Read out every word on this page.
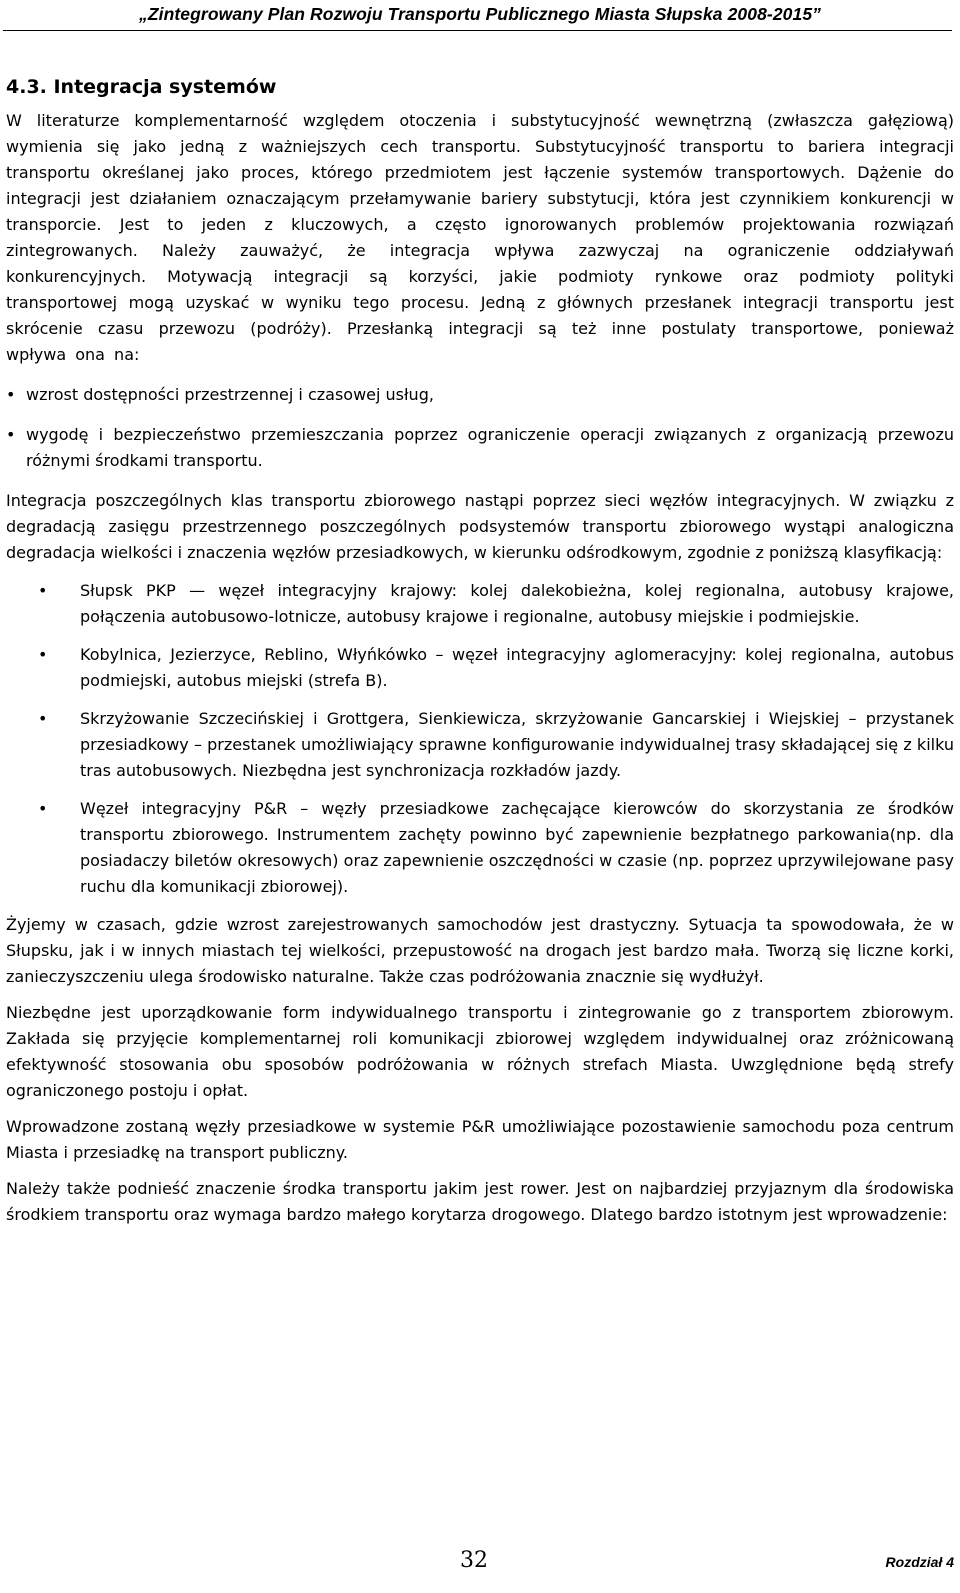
„Zintegrowany Plan Rozwoju Transportu Publicznego Miasta Słupska 2008-2015”
4.3. Integracja systemów

W literaturze komplementarność względem otoczenia i substytucyjność wewnętrzną (zwłaszcza gałęziową) wymienia się jako jedną z ważniejszych cech transportu. Substytucyjność transportu to bariera integracji transportu określanej jako proces, którego przedmiotem jest łączenie systemów transportowych. Dążenie do integracji jest działaniem oznaczającym przełamywanie bariery substytucji, która jest czynnikiem konkurencji w transporcie. Jest to jeden z kluczowych, a często ignorowanych problemów projektowania rozwiązań zintegrowanych. Należy zauważyć, że integracja wpływa zazwyczaj na ograniczenie oddziaływań konkurencyjnych. Motywacją integracji są korzyści, jakie podmioty rynkowe oraz podmioty polityki transportowej mogą uzyskać w wyniku tego procesu. Jedną z głównych przesłanek integracji transportu jest skrócenie czasu przewozu (podróży). Przesłanką integracji są też inne postulaty transportowe, ponieważ wpływa ona na:

• wzrost dostępności przestrzennej i czasowej usług,
• wygodę i bezpieczeństwo przemieszczania poprzez ograniczenie operacji związanych z organizacją przewozu różnymi środkami transportu.

Integracja poszczególnych klas transportu zbiorowego nastąpi poprzez sieci węzłów integracyjnych. W związku z degradacją zasięgu przestrzennego poszczególnych podsystemów transportu zbiorowego wystąpi analogiczna degradacja wielkości i znaczenia węzłów przesiadkowych, w kierunku odśrodkowym, zgodnie z poniższą klasyfikacją:

• Słupsk PKP — węzeł integracyjny krajowy: kolej dalekobieżna, kolej regionalna, autobusy krajowe, połączenia autobusowo-lotnicze, autobusy krajowe i regionalne, autobusy miejskie i podmiejskie.
• Kobylnica, Jezierzyce, Reblino, Włyńkówko – węzeł integracyjny aglomeracyjny: kolej regionalna, autobus podmiejski, autobus miejski (strefa B).
• Skrzyżowanie Szczecińskiej i Grottgera, Sienkiewicza, skrzyżowanie Gancarskiej i Wiejskiej – przystanek przesiadkowy – przestanek umożliwiający sprawne konfigurowanie indywidualnej trasy składającej się z kilku tras autobusowych. Niezbędna jest synchronizacja rozkładów jazdy.
• Węzeł integracyjny P&R – węzły przesiadkowe zachęcające kierowców do skorzystania ze środków transportu zbiorowego. Instrumentem zachęty powinno być zapewnienie bezpłatnego parkowania(np. dla posiadaczy biletów okresowych) oraz zapewnienie oszczędności w czasie (np. poprzez uprzywilejowane pasy ruchu dla komunikacji zbiorowej).

Żyjemy w czasach, gdzie wzrost zarejestrowanych samochodów jest drastyczny. Sytuacja ta spowodowała, że w Słupsku, jak i w innych miastach tej wielkości, przepustowość na drogach jest bardzo mała. Tworzą się liczne korki, zanieczyszczeniu ulega środowisko naturalne. Także czas podróżowania znacznie się wydłużył.

Niezbędne jest uporządkowanie form indywidualnego transportu i zintegrowanie go z transportem zbiorowym. Zakłada się przyjęcie komplementarnej roli komunikacji zbiorowej względem indywidualnej oraz zróżnicowaną efektywność stosowania obu sposobów podróżowania w różnych strefach Miasta. Uwzględnione będą strefy ograniczonego postoju i opłat.

Wprowadzone zostaną węzły przesiadkowe w systemie P&R umożliwiające pozostawienie samochodu poza centrum Miasta i przesiadkę na transport publiczny.

Należy także podnieść znaczenie środka transportu jakim jest rower. Jest on najbardziej przyjaznym dla środowiska środkiem transportu oraz wymaga bardzo małego korytarza drogowego. Dlatego bardzo istotnym jest wprowadzenie:

32	Rozdział 4
